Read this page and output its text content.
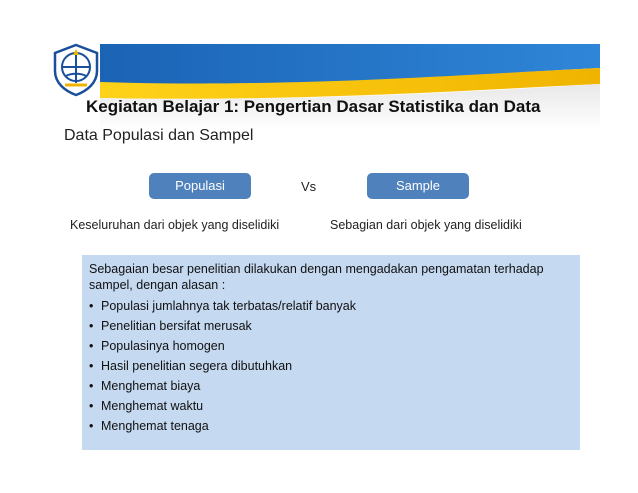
Kegiatan Belajar 1: Pengertian Dasar Statistika dan Data
Data Populasi dan Sampel
Populasi	Vs	Sample
Keseluruhan dari objek yang diselidiki	Sebagian dari objek yang diselidiki

Sebagaian besar penelitian dilakukan dengan mengadakan pengamatan terhadap sampel, dengan alasan :

• Populasi jumlahnya tak terbatas/relatif banyak
• Penelitian bersifat merusak
• Populasinya homogen
• Hasil penelitian segera dibutuhkan
• Menghemat biaya
• Menghemat waktu
• Menghemat tenaga
